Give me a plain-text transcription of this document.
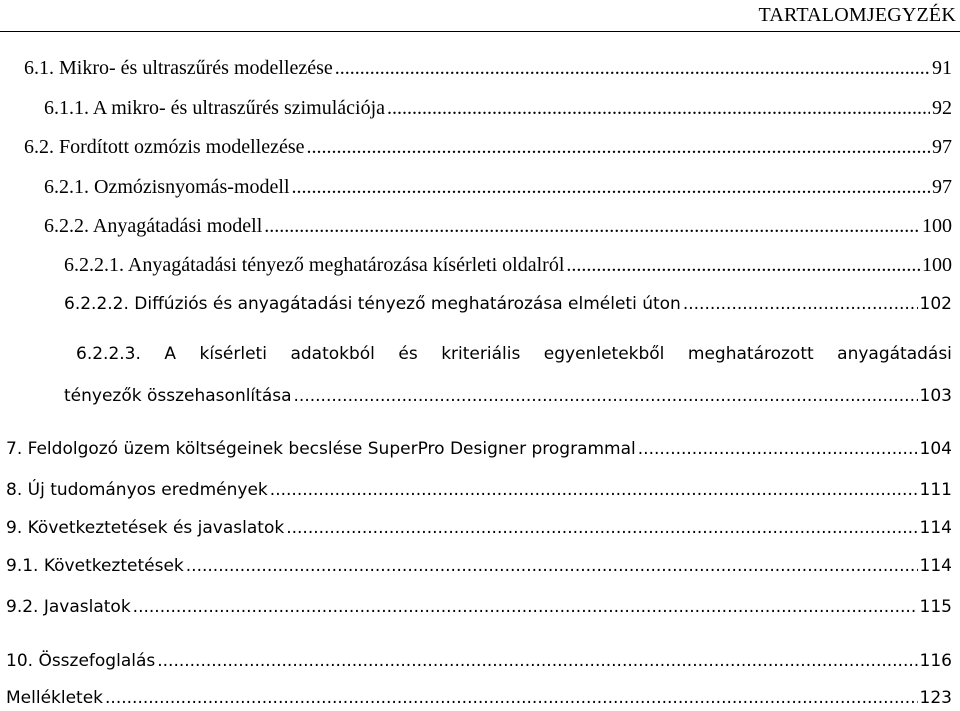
TARTALOMJEGYZÉK
6.1. Mikro- és ultraszűrés modellezése .....	91
6.1.1. A mikro- és ultraszűrés szimulációja .....	92
6.2. Fordított ozmózis modellezése .....	97
6.2.1. Ozmózisnyomás-modell .....	97
6.2.2. Anyagátadási modell .....	100
6.2.2.1. Anyagátadási tényező meghatározása kísérleti oldalról .....	100
6.2.2.2. Diffúziós és anyagátadási tényező meghatározása elméleti úton .....	102
6.2.2.3. A kísérleti adatokból és kriteriális egyenletekből meghatározott anyagátadási
tényezők összehasonlítása .....	103
7. Feldolgozó üzem költségeinek becslése SuperPro Designer programmal .....	104
8. Új tudományos eredmények .....	111
9. Következtetések és javaslatok .....	114
9.1. Következtetések .....	114
9.2. Javaslatok .....	115
10. Összefoglalás .....	116
Mellékletek .....	123
